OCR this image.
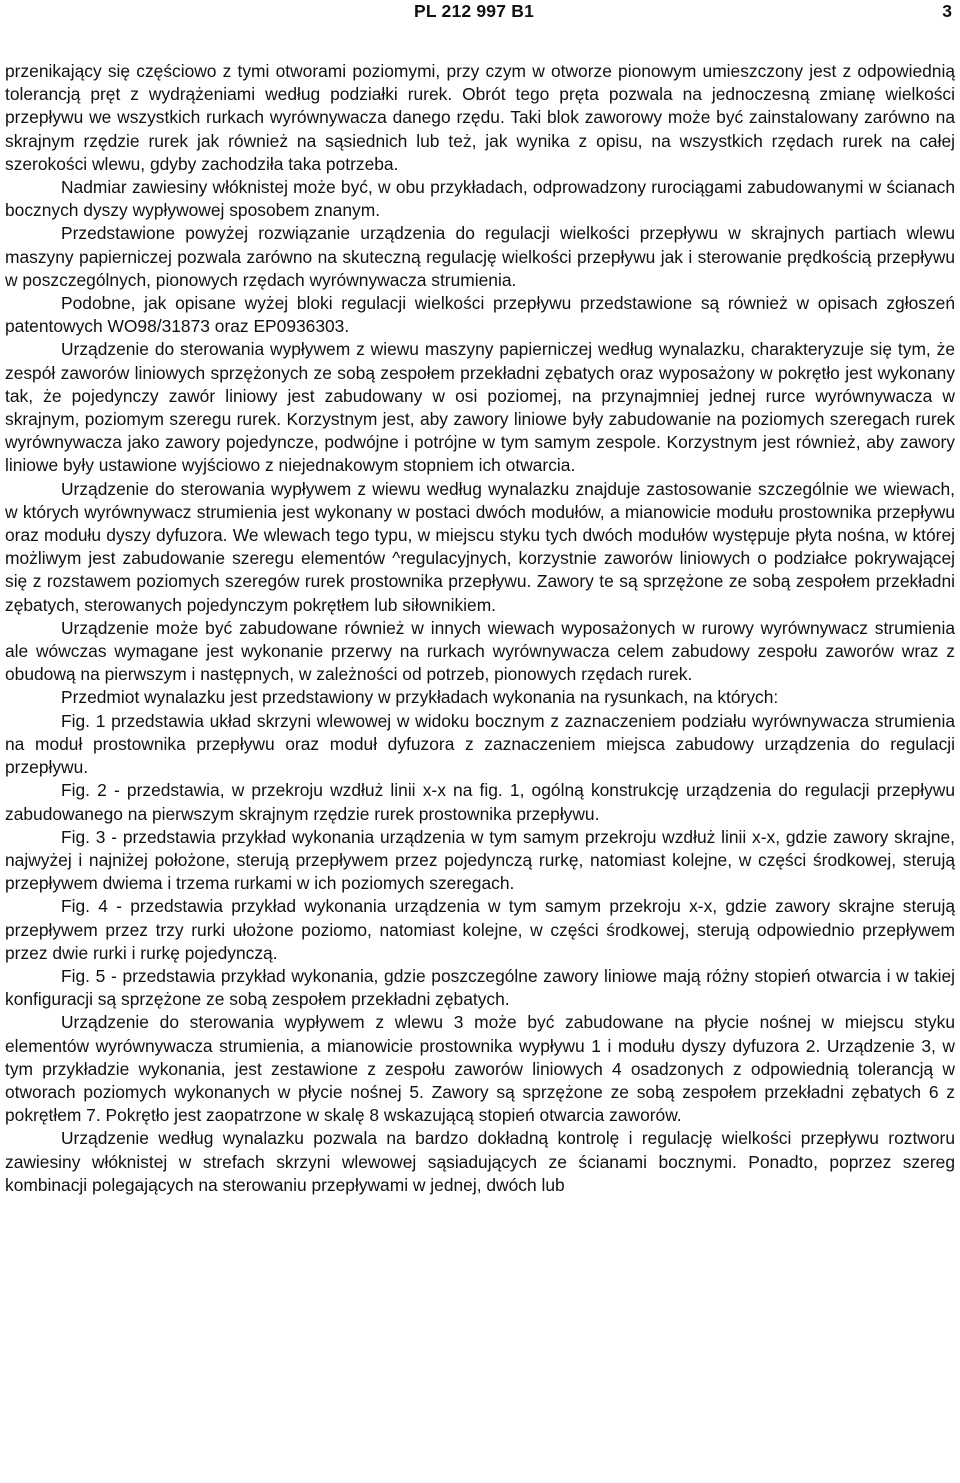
PL 212 997 B1	3

przenikający się częściowo z tymi otworami poziomymi, przy czym w otworze pionowym umieszczony jest z odpowiednią tolerancją pręt z wydrążeniami według podziałki rurek. Obrót tego pręta pozwala na jednoczesną zmianę wielkości przepływu we wszystkich rurkach wyrównywacza danego rzędu. Taki blok zaworowy może być zainstalowany zarówno na skrajnym rzędzie rurek jak również na sąsiednich lub też, jak wynika z opisu, na wszystkich rzędach rurek na całej szerokości wlewu, gdyby zachodziła taka potrzeba.

Nadmiar zawiesiny włóknistej może być, w obu przykładach, odprowadzony rurociągami zabudowanymi w ścianach bocznych dyszy wypływowej sposobem znanym.

Przedstawione powyżej rozwiązanie urządzenia do regulacji wielkości przepływu w skrajnych partiach wlewu maszyny papierniczej pozwala zarówno na skuteczną regulację wielkości przepływu jak i sterowanie prędkością przepływu w poszczególnych, pionowych rzędach wyrównywacza strumienia.

Podobne, jak opisane wyżej bloki regulacji wielkości przepływu przedstawione są również w opisach zgłoszeń patentowych WO98/31873 oraz EP0936303.

Urządzenie do sterowania wypływem z wiewu maszyny papierniczej według wynalazku, charakteryzuje się tym, że zespół zaworów liniowych sprzężonych ze sobą zespołem przekładni zębatych oraz wyposażony w pokrętło jest wykonany tak, że pojedynczy zawór liniowy jest zabudowany w osi poziomej, na przynajmniej jednej rurce wyrównywacza w skrajnym, poziomym szeregu rurek. Korzystnym jest, aby zawory liniowe były zabudowanie na poziomych szeregach rurek wyrównywacza jako zawory pojedyncze, podwójne i potrójne w tym samym zespole. Korzystnym jest również, aby zawory liniowe były ustawione wyjściowo z niejednakowym stopniem ich otwarcia.

Urządzenie do sterowania wypływem z wiewu według wynalazku znajduje zastosowanie szczególnie we wiewach, w których wyrównywacz strumienia jest wykonany w postaci dwóch modułów, a mianowicie modułu prostownika przepływu oraz modułu dyszy dyfuzora. We wlewach tego typu, w miejscu styku tych dwóch modułów występuje płyta nośna, w której możliwym jest zabudowanie szeregu elementów ^regulacyjnych, korzystnie zaworów liniowych o podziałce pokrywającej się z rozstawem poziomych szeregów rurek prostownika przepływu. Zawory te są sprzężone ze sobą zespołem przekładni zębatych, sterowanych pojedynczym pokrętłem lub siłownikiem.

Urządzenie może być zabudowane również w innych wiewach wyposażonych w rurowy wyrównywacz strumienia ale wówczas wymagane jest wykonanie przerwy na rurkach wyrównywacza celem zabudowy zespołu zaworów wraz z obudową na pierwszym i następnych, w zależności od potrzeb, pionowych rzędach rurek.

Przedmiot wynalazku jest przedstawiony w przykładach wykonania na rysunkach, na których:

Fig. 1 przedstawia układ skrzyni wlewowej w widoku bocznym z zaznaczeniem podziału wyrównywacza strumienia na moduł prostownika przepływu oraz moduł dyfuzora z zaznaczeniem miejsca zabudowy urządzenia do regulacji przepływu.

Fig. 2 - przedstawia, w przekroju wzdłuż linii x-x na fig. 1, ogólną konstrukcję urządzenia do regulacji przepływu zabudowanego na pierwszym skrajnym rzędzie rurek prostownika przepływu.

Fig. 3 - przedstawia przykład wykonania urządzenia w tym samym przekroju wzdłuż linii x-x, gdzie zawory skrajne, najwyżej i najniżej położone, sterują przepływem przez pojedynczą rurkę, natomiast kolejne, w części środkowej, sterują przepływem dwiema i trzema rurkami w ich poziomych szeregach.

Fig. 4 - przedstawia przykład wykonania urządzenia w tym samym przekroju x-x, gdzie zawory skrajne sterują przepływem przez trzy rurki ułożone poziomo, natomiast kolejne, w części środkowej, sterują odpowiednio przepływem przez dwie rurki i rurkę pojedynczą.

Fig. 5 - przedstawia przykład wykonania, gdzie poszczególne zawory liniowe mają różny stopień otwarcia i w takiej konfiguracji są sprzężone ze sobą zespołem przekładni zębatych.

Urządzenie do sterowania wypływem z wlewu 3 może być zabudowane na płycie nośnej w miejscu styku elementów wyrównywacza strumienia, a mianowicie prostownika wypływu 1 i modułu dyszy dyfuzora 2. Urządzenie 3, w tym przykładzie wykonania, jest zestawione z zespołu zaworów liniowych 4 osadzonych z odpowiednią tolerancją w otworach poziomych wykonanych w płycie nośnej 5. Zawory są sprzężone ze sobą zespołem przekładni zębatych 6 z pokrętłem 7. Pokrętło jest zaopatrzone w skalę 8 wskazującą stopień otwarcia zaworów.

Urządzenie według wynalazku pozwala na bardzo dokładną kontrolę i regulację wielkości przepływu roztworu zawiesiny włóknistej w strefach skrzyni wlewowej sąsiadujących ze ścianami bocznymi. Ponadto, poprzez szereg kombinacji polegających na sterowaniu przepływami w jednej, dwóch lub
